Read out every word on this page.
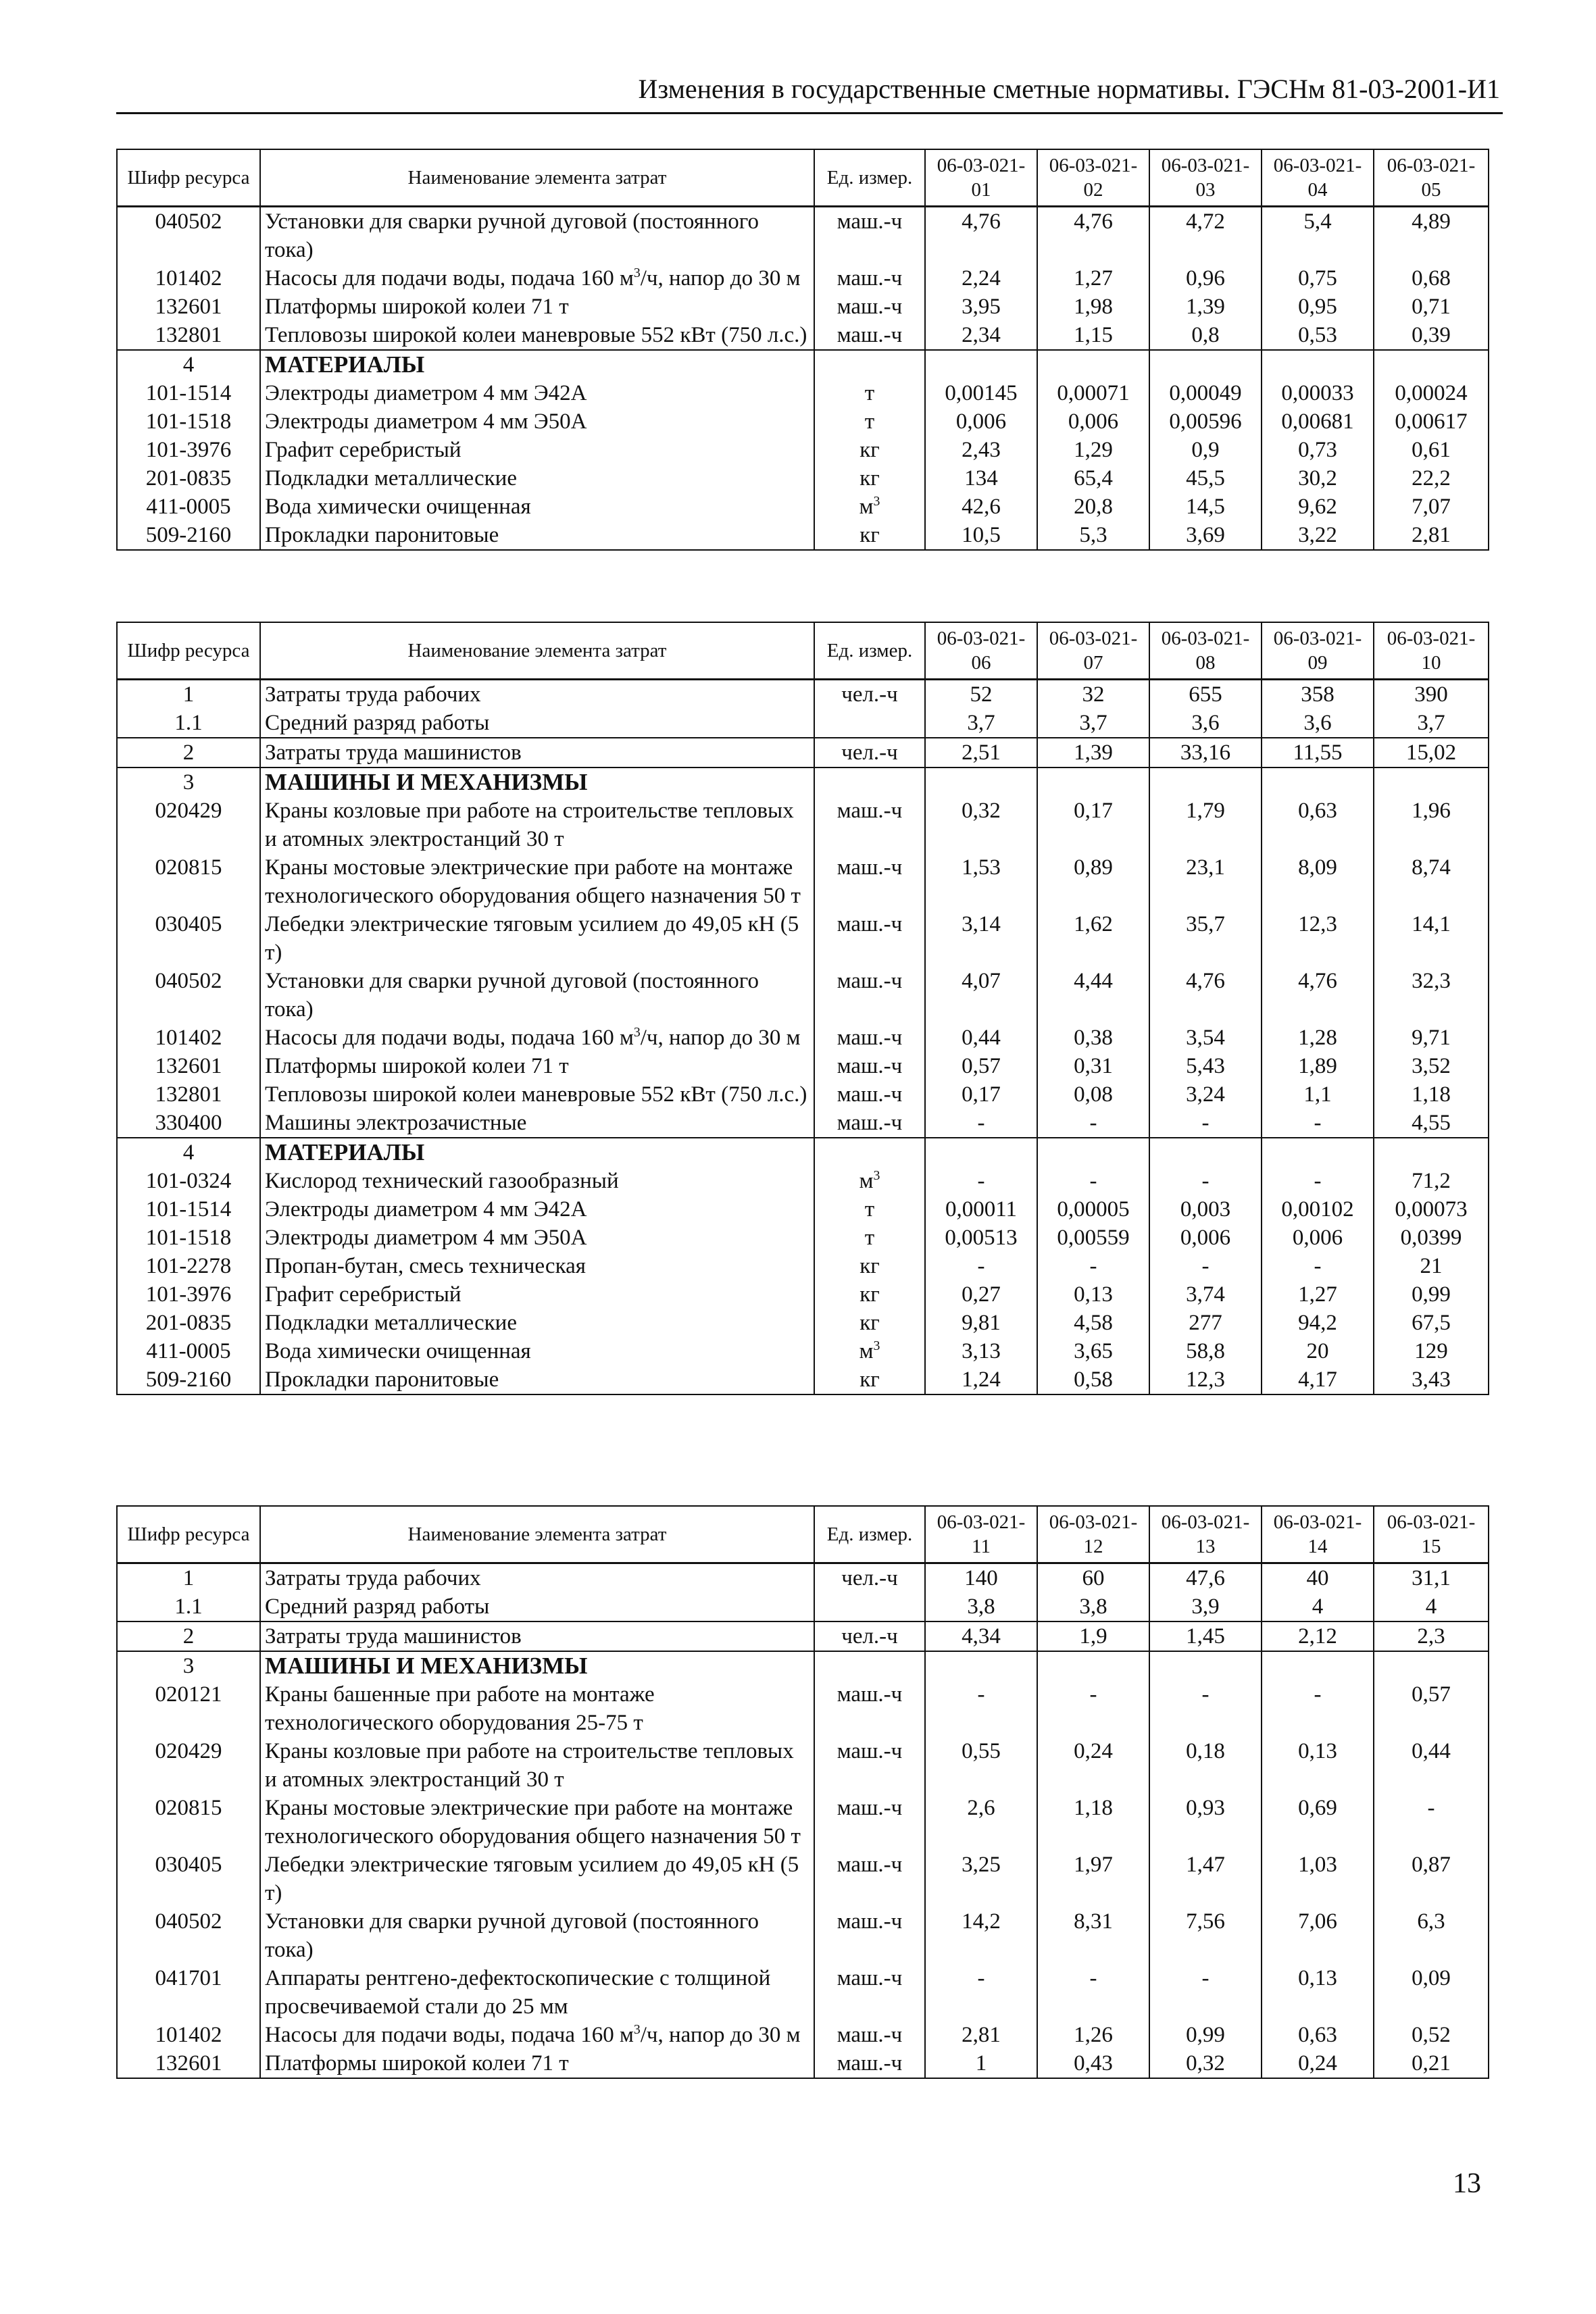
Изменения в государственные сметные нормативы. ГЭСНм 81-03-2001-И1
Шифр ресурса	Наименование элемента затрат	Ед. измер.	06-03-021-01	06-03-021-02	06-03-021-03	06-03-021-04	06-03-021-05
040502	Установки для сварки ручной дуговой (постоянного тока)	маш.-ч	4,76	4,76	4,72	5,4	4,89
101402	Насосы для подачи воды, подача 160 $м^3/ч$, напор до 30 м	маш.-ч	2,24	1,27	0,96	0,75	0,68
132601	Платформы широкой колеи 71 т	маш.-ч	3,95	1,98	1,39	0,95	0,71
132801	Тепловозы широкой колеи маневровые 552 кВт (750 л.с.)	маш.-ч	2,34	1,15	0,8	0,53	0,39
4	МАТЕРИАЛЫ						
101-1514	Электроды диаметром 4 мм Э42А	т	0,00145	0,00071	0,00049	0,00033	0,00024
101-1518	Электроды диаметром 4 мм Э50А	т	0,006	0,006	0,00596	0,00681	0,00617
101-3976	Графит серебристый	кг	2,43	1,29	0,9	0,73	0,61
201-0835	Подкладки металлические	кг	134	65,4	45,5	30,2	22,2
411-0005	Вода химически очищенная	$м^3$	42,6	20,8	14,5	9,62	7,07
509-2160	Прокладки паронитовые	кг	10,5	5,3	3,69	3,22	2,81
Шифр ресурса	Наименование элемента затрат	Ед. измер.	06-03-021-06	06-03-021-07	06-03-021-08	06-03-021-09	06-03-021-10
1	Затраты труда рабочих	чел.-ч	52	32	655	358	390
1.1	Средний разряд работы		3,7	3,7	3,6	3,6	3,7
2	Затраты труда машинистов	чел.-ч	2,51	1,39	33,16	11,55	15,02
3	МАШИНЫ И МЕХАНИЗМЫ						
020429	Краны козловые при работе на строительстве тепловых и атомных электростанций 30 т	маш.-ч	0,32	0,17	1,79	0,63	1,96
020815	Краны мостовые электрические при работе на монтаже технологического оборудования общего назначения 50 т	маш.-ч	1,53	0,89	23,1	8,09	8,74
030405	Лебедки электрические тяговым усилием до 49,05 кН (5 т)	маш.-ч	3,14	1,62	35,7	12,3	14,1
040502	Установки для сварки ручной дуговой (постоянного тока)	маш.-ч	4,07	4,44	4,76	4,76	32,3
101402	Насосы для подачи воды, подача 160 $м^3/ч$, напор до 30 м	маш.-ч	0,44	0,38	3,54	1,28	9,71
132601	Платформы широкой колеи 71 т	маш.-ч	0,57	0,31	5,43	1,89	3,52
132801	Тепловозы широкой колеи маневровые 552 кВт (750 л.с.)	маш.-ч	0,17	0,08	3,24	1,1	1,18
330400	Машины электрозачистные	маш.-ч	-	-	-	-	4,55
4	МАТЕРИАЛЫ						
101-0324	Кислород технический газообразный	$м^3$	-	-	-	-	71,2
101-1514	Электроды диаметром 4 мм Э42А	т	0,00011	0,00005	0,003	0,00102	0,00073
101-1518	Электроды диаметром 4 мм Э50А	т	0,00513	0,00559	0,006	0,006	0,0399
101-2278	Пропан-бутан, смесь техническая	кг	-	-	-	-	21
101-3976	Графит серебристый	кг	0,27	0,13	3,74	1,27	0,99
201-0835	Подкладки металлические	кг	9,81	4,58	277	94,2	67,5
411-0005	Вода химически очищенная	$м^3$	3,13	3,65	58,8	20	129
509-2160	Прокладки паронитовые	кг	1,24	0,58	12,3	4,17	3,43
Шифр ресурса	Наименование элемента затрат	Ед. измер.	06-03-021-11	06-03-021-12	06-03-021-13	06-03-021-14	06-03-021-15
1	Затраты труда рабочих	чел.-ч	140	60	47,6	40	31,1
1.1	Средний разряд работы		3,8	3,8	3,9	4	4
2	Затраты труда машинистов	чел.-ч	4,34	1,9	1,45	2,12	2,3
3	МАШИНЫ И МЕХАНИЗМЫ						
020121	Краны башенные при работе на монтаже технологического оборудования 25-75 т	маш.-ч	-	-	-	-	0,57
020429	Краны козловые при работе на строительстве тепловых и атомных электростанций 30 т	маш.-ч	0,55	0,24	0,18	0,13	0,44
020815	Краны мостовые электрические при работе на монтаже технологического оборудования общего назначения 50 т	маш.-ч	2,6	1,18	0,93	0,69	-
030405	Лебедки электрические тяговым усилием до 49,05 кН (5 т)	маш.-ч	3,25	1,97	1,47	1,03	0,87
040502	Установки для сварки ручной дуговой (постоянного тока)	маш.-ч	14,2	8,31	7,56	7,06	6,3
041701	Аппараты рентгено-дефектоскопические с толщиной просвечиваемой стали до 25 мм	маш.-ч	-	-	-	0,13	0,09
101402	Насосы для подачи воды, подача 160 $м^3/ч$, напор до 30 м	маш.-ч	2,81	1,26	0,99	0,63	0,52
132601	Платформы широкой колеи 71 т	маш.-ч	1	0,43	0,32	0,24	0,21
13
